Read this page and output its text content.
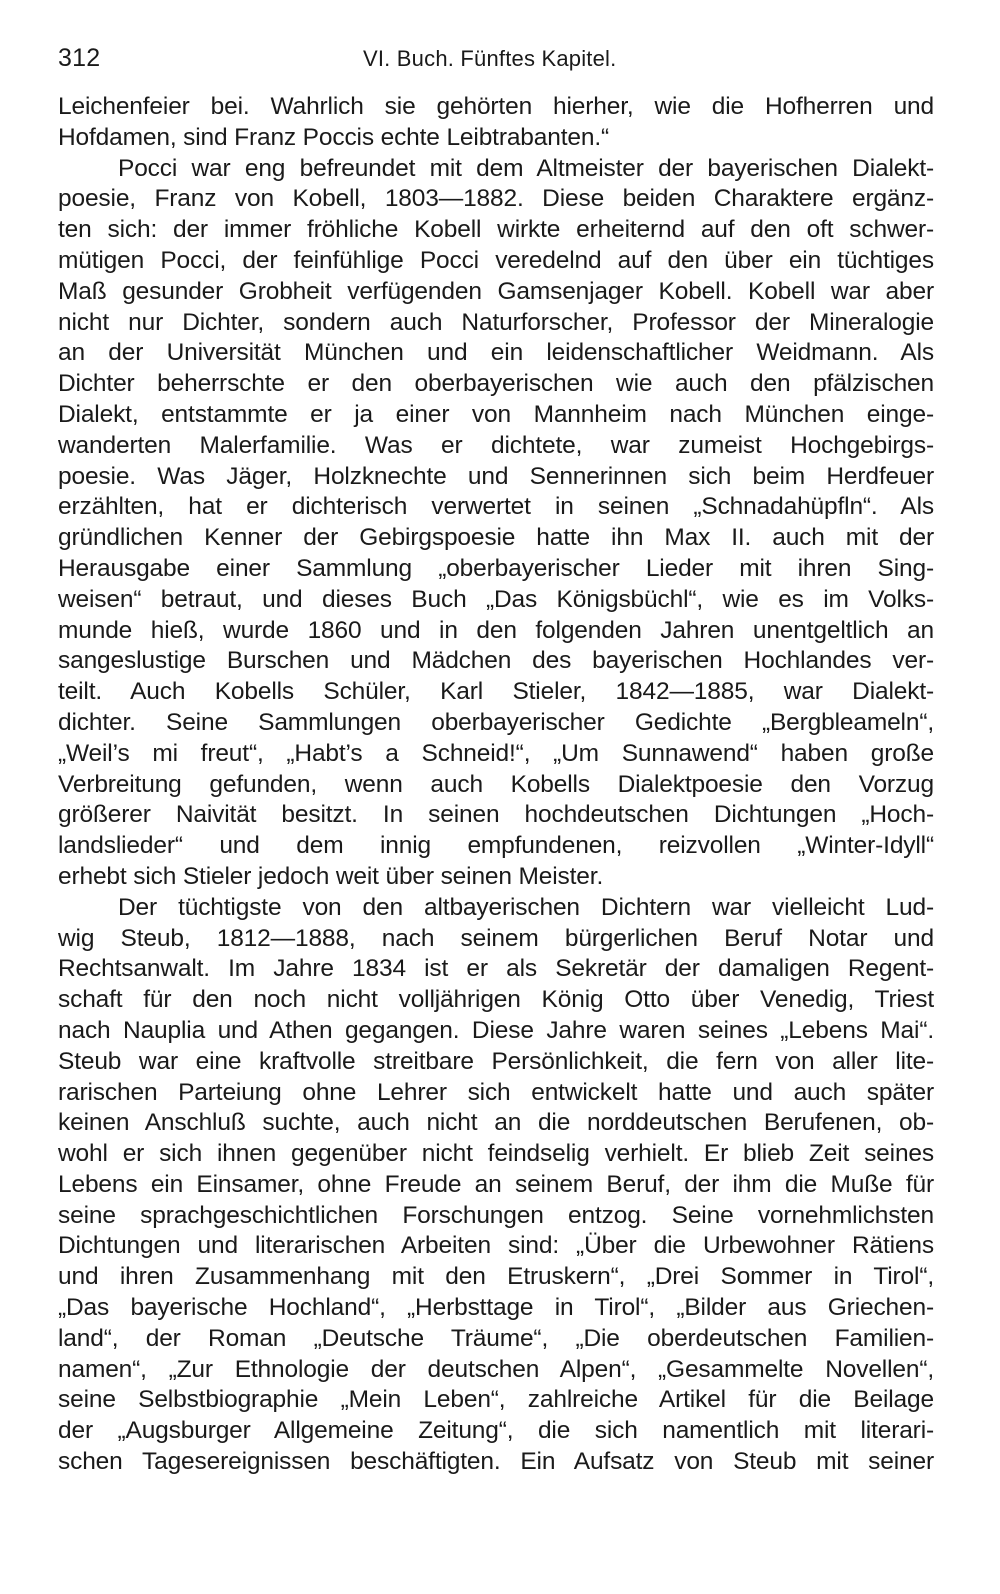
312	VI. Buch. Fünftes Kapitel.
Leichenfeier bei. Wahrlich sie gehörten hierher, wie die Hofherren und
Hofdamen, sind Franz Poccis echte Leibtrabanten.“
Pocci war eng befreundet mit dem Altmeister der bayerischen Dialekt-
poesie, Franz von Kobell, 1803—1882. Diese beiden Charaktere ergänz-
ten sich: der immer fröhliche Kobell wirkte erheiternd auf den oft schwer-
mütigen Pocci, der feinfühlige Pocci veredelnd auf den über ein tüchtiges
Maß gesunder Grobheit verfügenden Gamsenjager Kobell. Kobell war aber
nicht nur Dichter, sondern auch Naturforscher, Professor der Mineralogie
an der Universität München und ein leidenschaftlicher Weidmann. Als
Dichter beherrschte er den oberbayerischen wie auch den pfälzischen
Dialekt, entstammte er ja einer von Mannheim nach München einge-
wanderten Malerfamilie. Was er dichtete, war zumeist Hochgebirgs-
poesie. Was Jäger, Holzknechte und Sennerinnen sich beim Herdfeuer
erzählten, hat er dichterisch verwertet in seinen „Schnadahüpfln“. Als
gründlichen Kenner der Gebirgspoesie hatte ihn Max II. auch mit der
Herausgabe einer Sammlung „oberbayerischer Lieder mit ihren Sing-
weisen“ betraut, und dieses Buch „Das Königsbüchl“, wie es im Volks-
munde hieß, wurde 1860 und in den folgenden Jahren unentgeltlich an
sangeslustige Burschen und Mädchen des bayerischen Hochlandes ver-
teilt. Auch Kobells Schüler, Karl Stieler, 1842—1885, war Dialekt-
dichter. Seine Sammlungen oberbayerischer Gedichte „Bergbleameln“,
„Weil’s mi freut“, „Habt’s a Schneid!“, „Um Sunnawend“ haben große
Verbreitung gefunden, wenn auch Kobells Dialektpoesie den Vorzug
größerer Naivität besitzt. In seinen hochdeutschen Dichtungen „Hoch-
landslieder“ und dem innig empfundenen, reizvollen „Winter-Idyll“
erhebt sich Stieler jedoch weit über seinen Meister.
Der tüchtigste von den altbayerischen Dichtern war vielleicht Lud-
wig Steub, 1812—1888, nach seinem bürgerlichen Beruf Notar und
Rechtsanwalt. Im Jahre 1834 ist er als Sekretär der damaligen Regent-
schaft für den noch nicht volljährigen König Otto über Venedig, Triest
nach Nauplia und Athen gegangen. Diese Jahre waren seines „Lebens Mai“.
Steub war eine kraftvolle streitbare Persönlichkeit, die fern von aller lite-
rarischen Parteiung ohne Lehrer sich entwickelt hatte und auch später
keinen Anschluß suchte, auch nicht an die norddeutschen Berufenen, ob-
wohl er sich ihnen gegenüber nicht feindselig verhielt. Er blieb Zeit seines
Lebens ein Einsamer, ohne Freude an seinem Beruf, der ihm die Muße für
seine sprachgeschichtlichen Forschungen entzog. Seine vornehmlichsten
Dichtungen und literarischen Arbeiten sind: „Über die Urbewohner Rätiens
und ihren Zusammenhang mit den Etruskern“, „Drei Sommer in Tirol“,
„Das bayerische Hochland“, „Herbsttage in Tirol“, „Bilder aus Griechen-
land“, der Roman „Deutsche Träume“, „Die oberdeutschen Familien-
namen“, „Zur Ethnologie der deutschen Alpen“, „Gesammelte Novellen“,
seine Selbstbiographie „Mein Leben“, zahlreiche Artikel für die Beilage
der „Augsburger Allgemeine Zeitung“, die sich namentlich mit literari-
schen Tagesereignissen beschäftigten. Ein Aufsatz von Steub mit seiner
